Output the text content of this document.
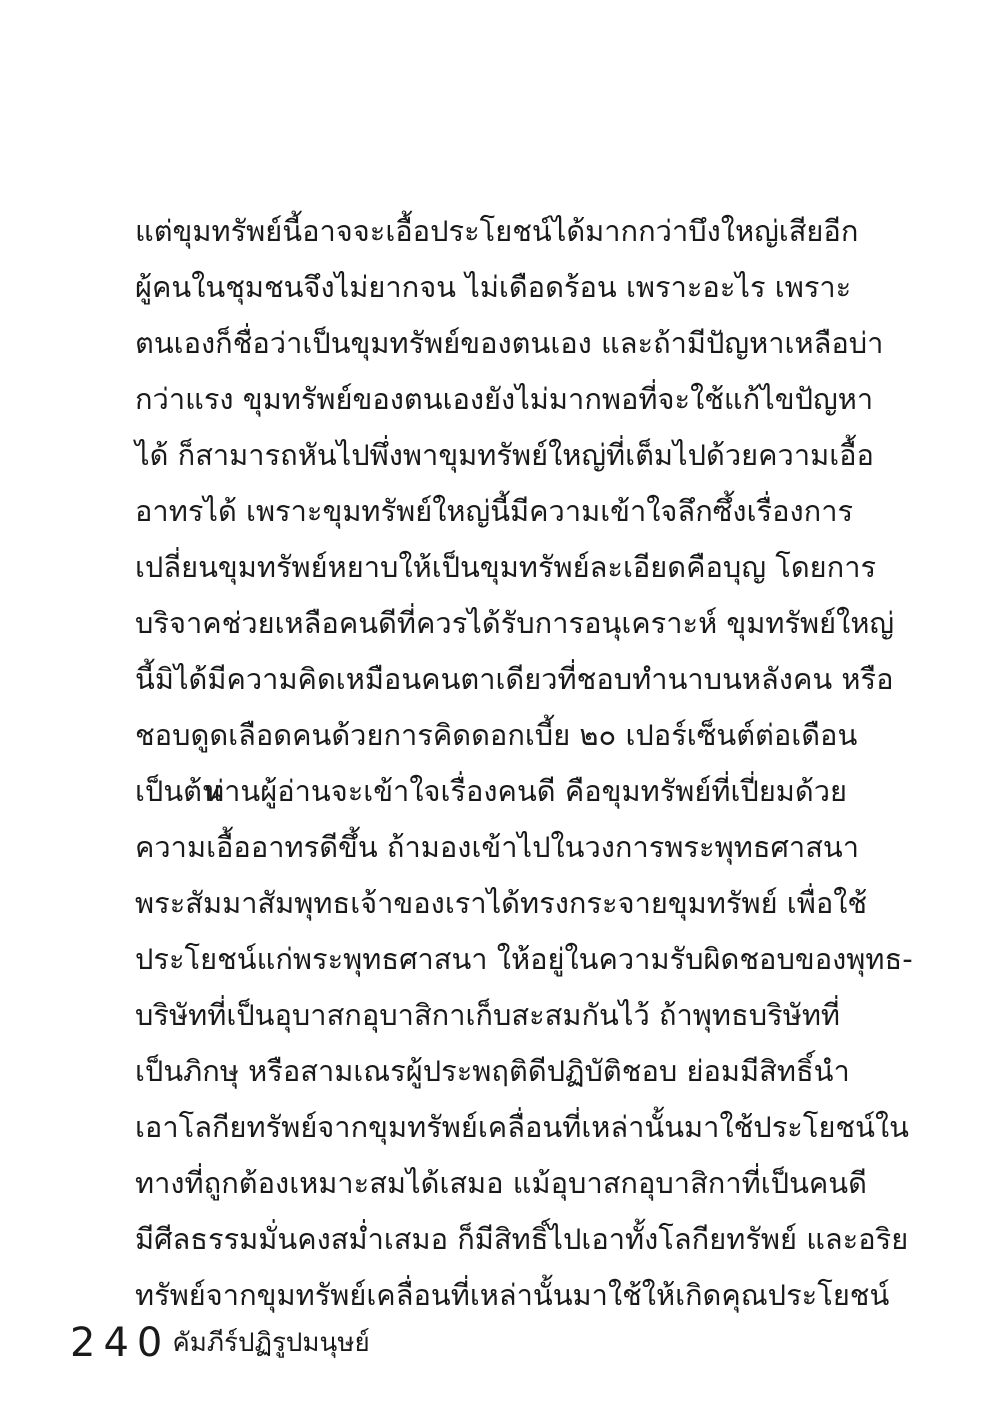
แต่ขุมทรัพย์นี้อาจจะเอื้อประโยชน์ได้มากกว่าบึงใหญ่เสียอีก
ผู้คนในชุมชนจึงไม่ยากจน ไม่เดือดร้อน เพราะอะไร เพราะ
ตนเองก็ชื่อว่าเป็นขุมทรัพย์ของตนเอง และถ้ามีปัญหาเหลือบ่า
กว่าแรง ขุมทรัพย์ของตนเองยังไม่มากพอที่จะใช้แก้ไขปัญหา
ได้ ก็สามารถหันไปพึ่งพาขุมทรัพย์ใหญ่ที่เต็มไปด้วยความเอื้อ
อาทรได้ เพราะขุมทรัพย์ใหญ่นี้มีความเข้าใจลึกซึ้งเรื่องการ
เปลี่ยนขุมทรัพย์หยาบให้เป็นขุมทรัพย์ละเอียดคือบุญ โดยการ
บริจาคช่วยเหลือคนดีที่ควรได้รับการอนุเคราะห์ ขุมทรัพย์ใหญ่
นี้มิได้มีความคิดเหมือนคนตาเดียวที่ชอบทำนาบนหลังคน หรือ
ชอบดูดเลือดคนด้วยการคิดดอกเบี้ย ๒๐ เปอร์เซ็นต์ต่อเดือน
เป็นต้น
ท่านผู้อ่านจะเข้าใจเรื่องคนดี คือขุมทรัพย์ที่เปี่ยมด้วย
ความเอื้ออาทรดีขึ้น ถ้ามองเข้าไปในวงการพระพุทธศาสนา
พระสัมมาสัมพุทธเจ้าของเราได้ทรงกระจายขุมทรัพย์ เพื่อใช้
ประโยชน์แก่พระพุทธศาสนา ให้อยู่ในความรับผิดชอบของพุทธ-
บริษัทที่เป็นอุบาสกอุบาสิกาเก็บสะสมกันไว้ ถ้าพุทธบริษัทที่
เป็นภิกษุ หรือสามเณรผู้ประพฤติดีปฏิบัติชอบ ย่อมมีสิทธิ์นำ
เอาโลกียทรัพย์จากขุมทรัพย์เคลื่อนที่เหล่านั้นมาใช้ประโยชน์ใน
ทางที่ถูกต้องเหมาะสมได้เสมอ แม้อุบาสกอุบาสิกาที่เป็นคนดี
มีศีลธรรมมั่นคงสม่ำเสมอ ก็มีสิทธิ์ไปเอาทั้งโลกียทรัพย์ และอริย
ทรัพย์จากขุมทรัพย์เคลื่อนที่เหล่านั้นมาใช้ให้เกิดคุณประโยชน์
240 คัมภีร์ปฏิรูปมนุษย์
